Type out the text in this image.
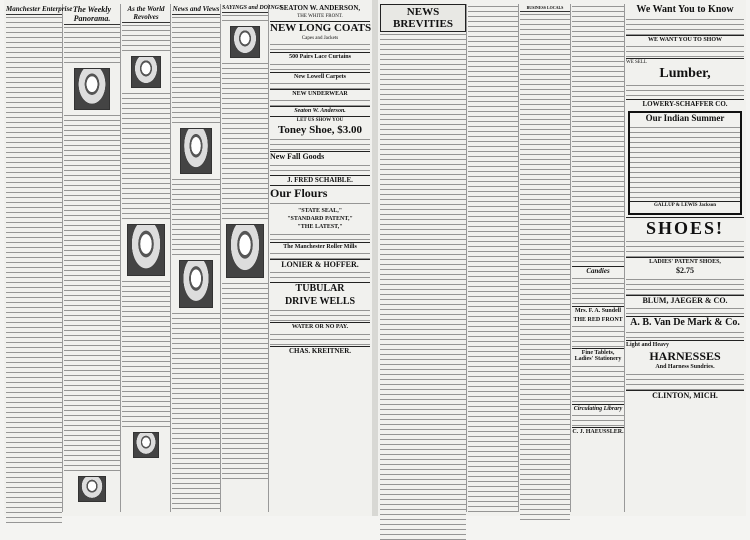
Manchester Enterprise The Weekly Panorama.
As the World Revolves
News and Views SAYINGS and DOINGS
SEATON W. ANDERSON,
THE WHITE FRONT.
NEW LONG COATS
Capes and Jackets
500 Pairs Lace Curtains
New Lowell Carpets
NEW UNDERWEAR
Seaton W. Anderson.
LET US SHOW YOU
Toney Shoe, $3.00
New Fall Goods
J. FRED SCHAIBLE.
Our Flours
"STATE SEAL,"
"STANDARD PATENT,"
"THE LATEST,"
The Manchester Roller Mills
LONIER & HOFFER.
TUBULAR
DRIVE WELLS
WATER OR NO PAY.
CHAS. KREITNER.
NEWS BREVITIES
BUSINESS LOCALS
Candies
Mrs. F. A. Sundell
THE RED FRONT
Fine Tablets, Ladies' Stationery
Circulating Library
C. J. HAEUSSLER.
We Want You to Know
WE WANT YOU TO SHOW
WE SELL
Lumber,
LOWERY-SCHAFFER CO.
Our Indian Summer
GALLUP & LEWIS Jackson
SHOES!
LADIES' PATENT SHOES,
$2.75
BLUM, JAEGER & CO.
A. B. Van De Mark & Co.
Light and Heavy
HARNESSES
And Harness Sundries.
CLINTON, MICH.
